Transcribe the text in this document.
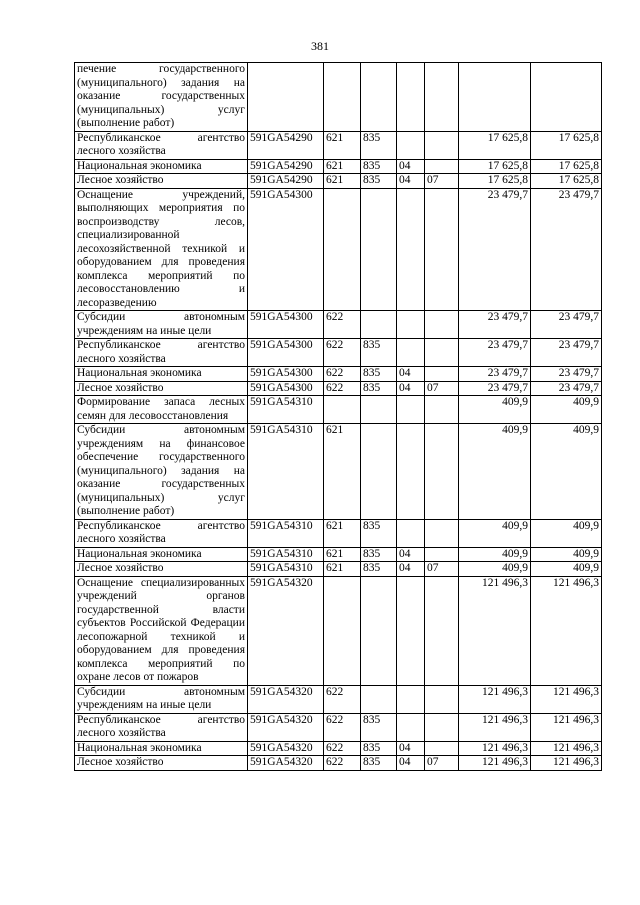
381
печение государственного (муниципального) задания на оказание государственных (муниципальных) услуг (выполнение работ)							
Республиканское агентство лесного хозяйства	591GA54290	621	835			17 625,8	17 625,8
Национальная экономика	591GA54290	621	835	04		17 625,8	17 625,8
Лесное хозяйство	591GA54290	621	835	04	07	17 625,8	17 625,8
Оснащение учреждений, выполняющих мероприятия по воспроизводству лесов, специализированной лесохозяйственной техникой и оборудованием для проведения комплекса мероприятий по лесовосстановлению и лесоразведению	591GA54300					23 479,7	23 479,7
Субсидии автономным учреждениям на иные цели	591GA54300	622				23 479,7	23 479,7
Республиканское агентство лесного хозяйства	591GA54300	622	835			23 479,7	23 479,7
Национальная экономика	591GA54300	622	835	04		23 479,7	23 479,7
Лесное хозяйство	591GA54300	622	835	04	07	23 479,7	23 479,7
Формирование запаса лесных семян для лесовосстановления	591GA54310					409,9	409,9
Субсидии автономным учреждениям на финансовое обеспечение государственного (муниципального) задания на оказание государственных (муниципальных) услуг (выполнение работ)	591GA54310	621				409,9	409,9
Республиканское агентство лесного хозяйства	591GA54310	621	835			409,9	409,9
Национальная экономика	591GA54310	621	835	04		409,9	409,9
Лесное хозяйство	591GA54310	621	835	04	07	409,9	409,9
Оснащение специализированных учреждений органов государственной власти субъектов Российской Федерации лесопожарной техникой и оборудованием для проведения комплекса мероприятий по охране лесов от пожаров	591GA54320					121 496,3	121 496,3
Субсидии автономным учреждениям на иные цели	591GA54320	622				121 496,3	121 496,3
Республиканское агентство лесного хозяйства	591GA54320	622	835			121 496,3	121 496,3
Национальная экономика	591GA54320	622	835	04		121 496,3	121 496,3
Лесное хозяйство	591GA54320	622	835	04	07	121 496,3	121 496,3
